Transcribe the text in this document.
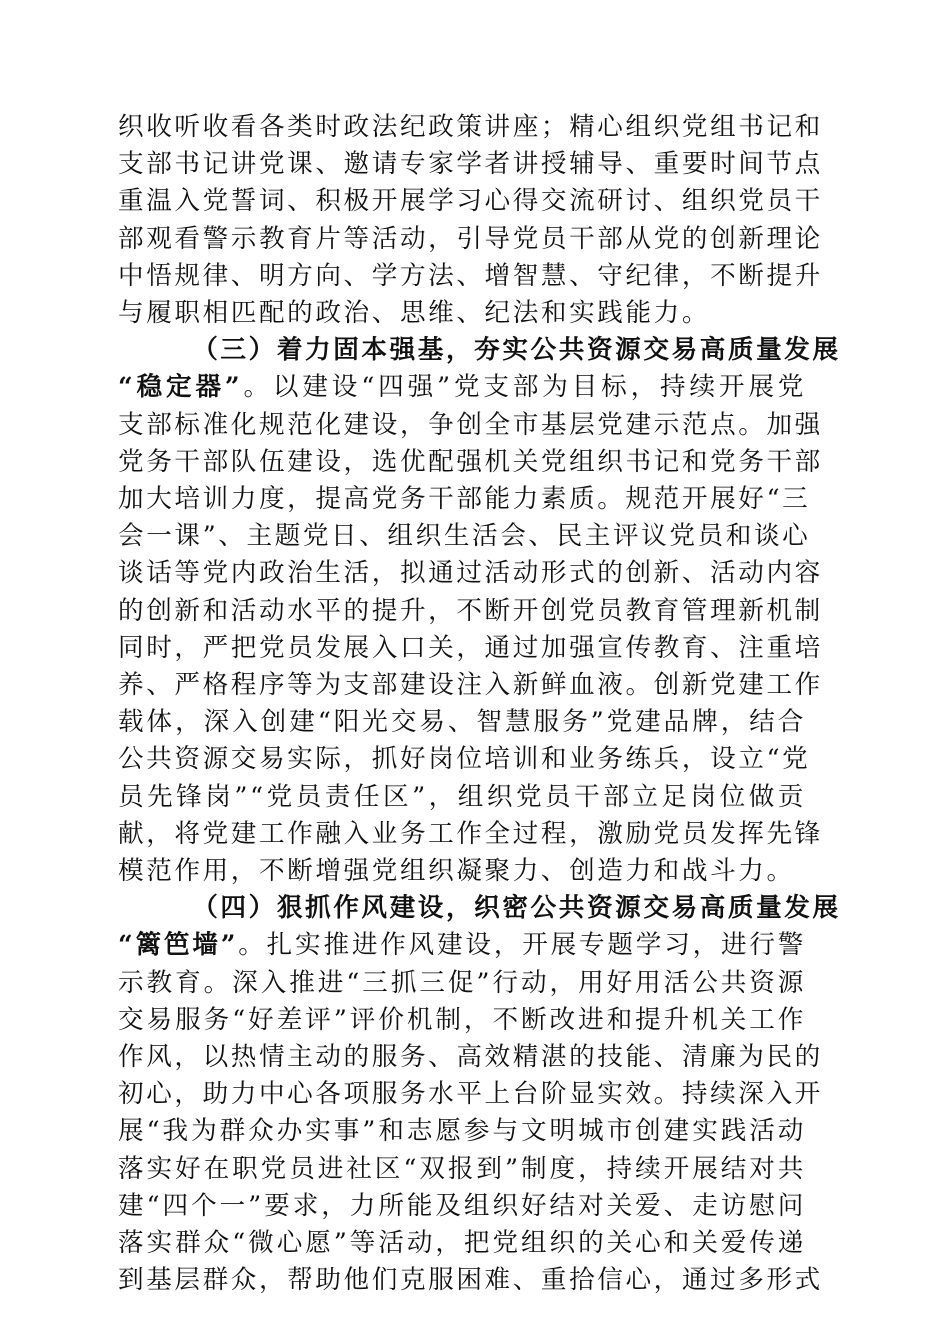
织收听收看各类时政法纪政策讲座；精心组织党组书记和
支部书记讲党课、邀请专家学者讲授辅导、重要时间节点
重温入党誓词、积极开展学习心得交流研讨、组织党员干
部观看警示教育片等活动，引导党员干部从党的创新理论
中悟规律、明方向、学方法、增智慧、守纪律，不断提升
与履职相匹配的政治、思维、纪法和实践能力。

（三）着力固本强基，夯实公共资源交易高质量发展
“稳定器”。以建设“四强”党支部为目标，持续开展党
支部标准化规范化建设，争创全市基层党建示范点。加强
党务干部队伍建设，选优配强机关党组织书记和党务干部
加大培训力度，提高党务干部能力素质。规范开展好“三
会一课”、主题党日、组织生活会、民主评议党员和谈心
谈话等党内政治生活，拟通过活动形式的创新、活动内容
的创新和活动水平的提升，不断开创党员教育管理新机制
同时，严把党员发展入口关，通过加强宣传教育、注重培
养、严格程序等为支部建设注入新鲜血液。创新党建工作
载体，深入创建“阳光交易、智慧服务”党建品牌，结合
公共资源交易实际，抓好岗位培训和业务练兵，设立“党
员先锋岗”“党员责任区”，组织党员干部立足岗位做贡
献，将党建工作融入业务工作全过程，激励党员发挥先锋
模范作用，不断增强党组织凝聚力、创造力和战斗力。

（四）狠抓作风建设，织密公共资源交易高质量发展
“篱笆墙”。扎实推进作风建设，开展专题学习，进行警
示教育。深入推进“三抓三促”行动，用好用活公共资源
交易服务“好差评”评价机制，不断改进和提升机关工作
作风，以热情主动的服务、高效精湛的技能、清廉为民的
初心，助力中心各项服务水平上台阶显实效。持续深入开
展“我为群众办实事”和志愿参与文明城市创建实践活动
落实好在职党员进社区“双报到”制度，持续开展结对共
建“四个一”要求，力所能及组织好结对关爱、走访慰问
落实群众“微心愿”等活动，把党组织的关心和关爱传递
到基层群众，帮助他们克服困难、重拾信心，通过多形式
